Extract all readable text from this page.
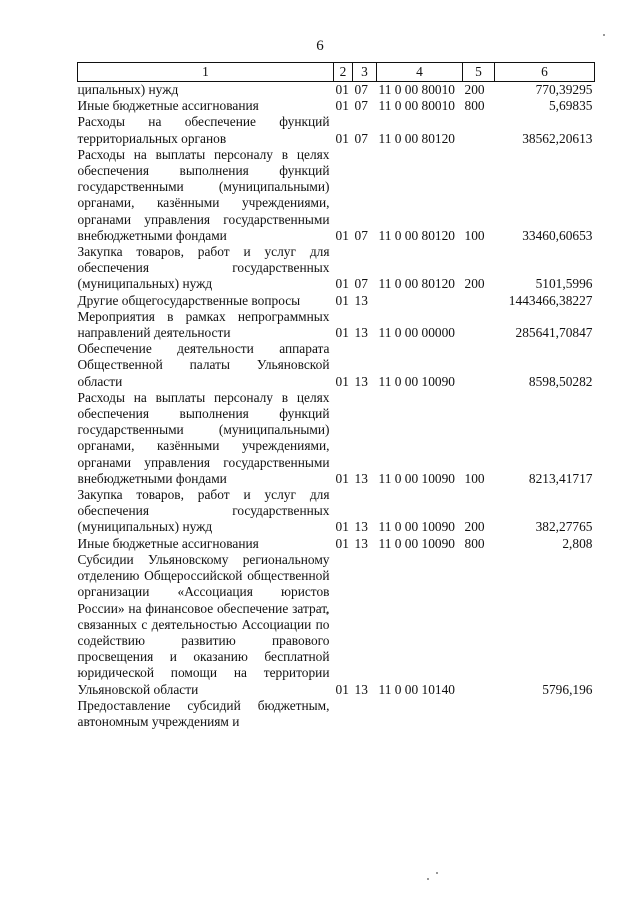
6
1	2	3	4	5	6
ципальных) нужд	01	07	11 0 00 80010	200	770,39295
Иные бюджетные ассигнования	01	07	11 0 00 80010	800	5,69835
Расходы на обеспечение функций территориальных органов	01	07	11 0 00 80120		38562,20613
Расходы на выплаты персоналу в целях обеспечения выполнения функций государственными (муниципальными) органами, казёнными учреждениями, органами управления государственными внебюджетными фондами	01	07	11 0 00 80120	100	33460,60653
Закупка товаров, работ и услуг для обеспечения государственных (муниципальных) нужд	01	07	11 0 00 80120	200	5101,5996
Другие общегосударственные вопросы	01	13			1443466,38227
Мероприятия в рамках непрограммных направлений деятельности	01	13	11 0 00 00000		285641,70847
Обеспечение деятельности аппарата Общественной палаты Ульяновской области	01	13	11 0 00 10090		8598,50282
Расходы на выплаты персоналу в целях обеспечения выполнения функций государственными (муниципальными) органами, казёнными учреждениями, органами управления государственными внебюджетными фондами	01	13	11 0 00 10090	100	8213,41717
Закупка товаров, работ и услуг для обеспечения государственных (муниципальных) нужд	01	13	11 0 00 10090	200	382,27765
Иные бюджетные ассигнования	01	13	11 0 00 10090	800	2,808
Субсидии Ульяновскому региональному отделению Общероссийской общественной организации «Ассоциация юристов России» на финансовое обеспечение затрат, связанных с деятельностью Ассоциации по содействию развитию правового просвещения и оказанию бесплатной юридической помощи на территории Ульяновской области	01	13	11 0 00 10140		5796,196
Предоставление субсидий бюджетным, автономным учреждениям и					
